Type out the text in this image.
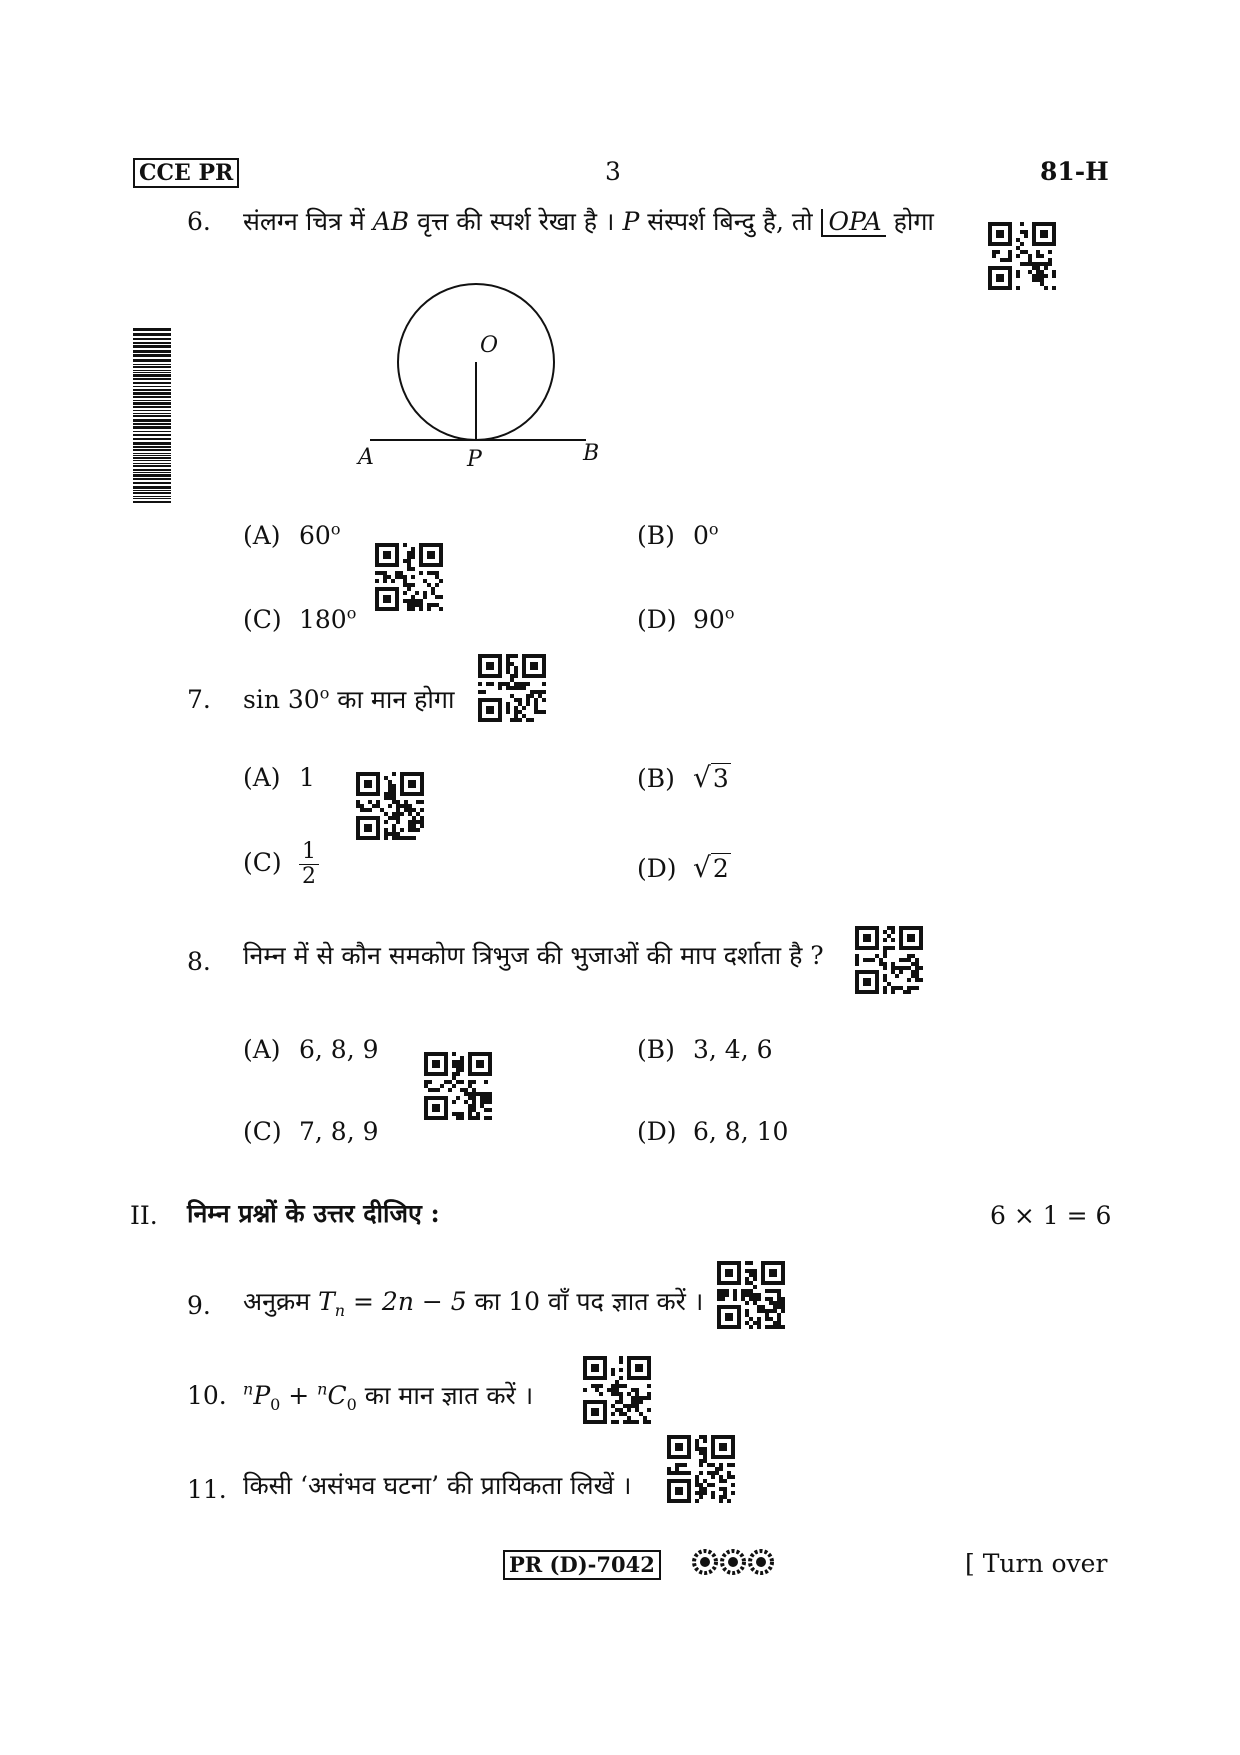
CCE PR	3	81-H
6. संलग्न चित्र में AB वृत्त की स्पर्श रेखा है । P संस्पर्श बिन्दु है, तो OPA होगा
O
A	P	B
(A) 60$^o$	(B) 0$^o$
(C) 180$^o$	(D) 90$^o$
7. sin 30$^o$ का मान होगा
(A) 1	(B) √3
$(C) \frac{1}{2}$	(D) √2
8. निम्न में से कौन समकोण त्रिभुज की भुजाओं की माप दर्शाता है ?
(A) 6, 8, 9	(B) 3, 4, 6
(C) 7, 8, 9	(D) 6, 8, 10
II. निम्न प्रश्नों के उत्तर दीजिए :	6 × 1 = 6
9. अनुक्रम $T_n = 2n - 5$ का 10 वाँ पद ज्ञात करें ।
10. $^nP_0 + ^nC_0$ का मान ज्ञात करें ।
11. किसी ‘असंभव घटना’ की प्रायिकता लिखें ।
PR (D)-7042	[ Turn over
